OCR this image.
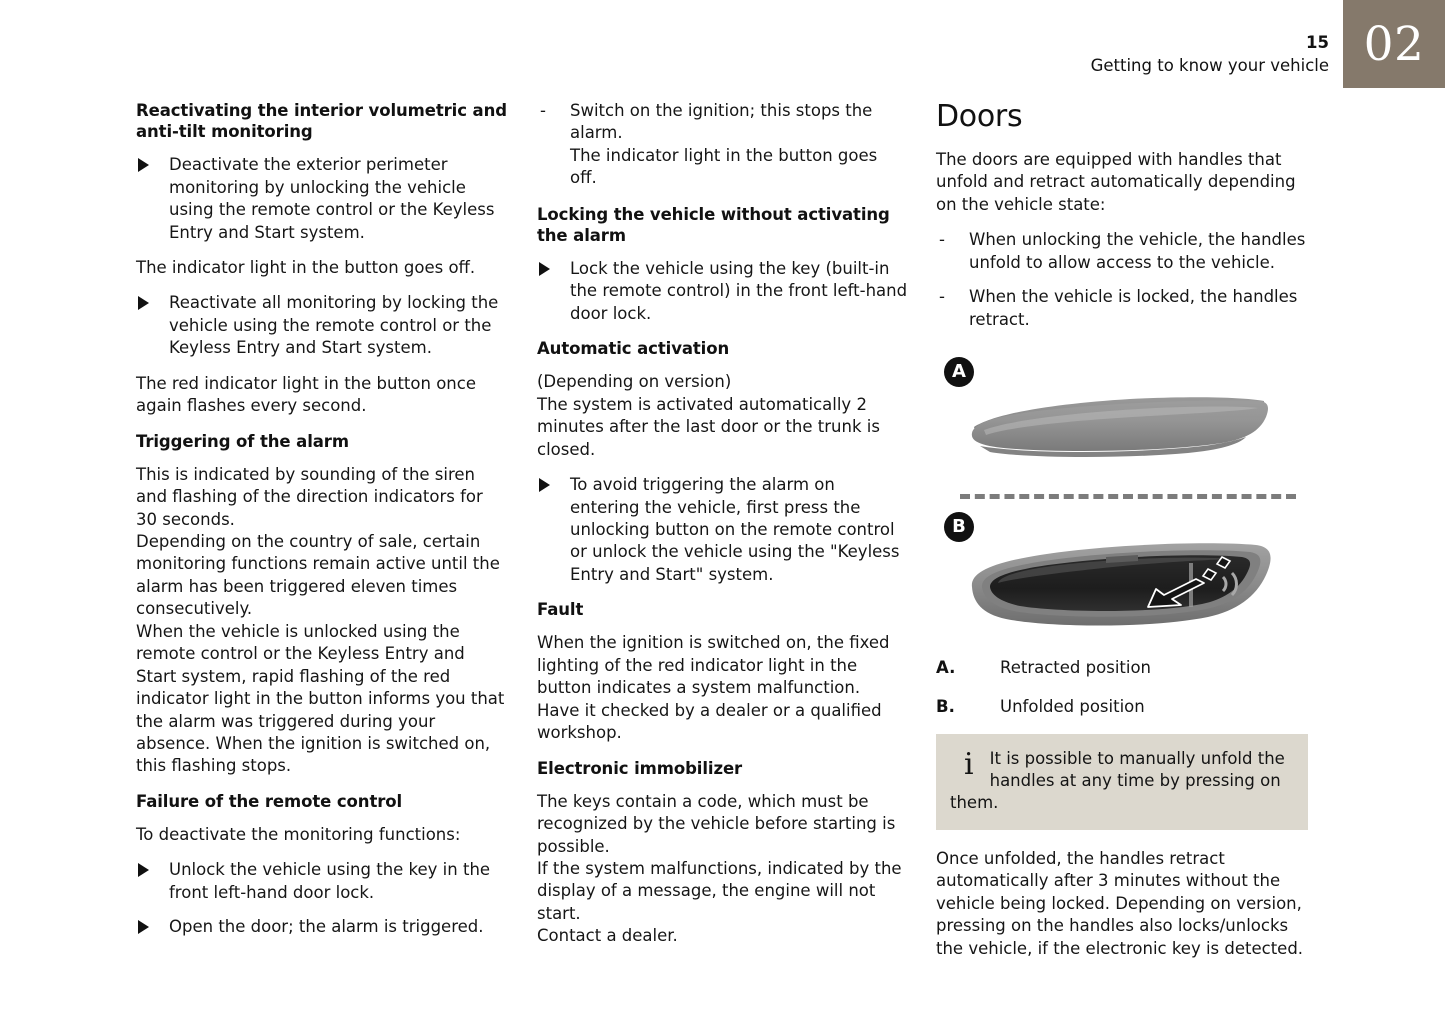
15
Getting to know your vehicle 02
Reactivating the interior volumetric and anti-tilt monitoring
Deactivate the exterior perimeter monitoring by unlocking the vehicle using the remote control or the Keyless Entry and Start system.

The indicator light in the button goes off.

Reactivate all monitoring by locking the vehicle using the remote control or the Keyless Entry and Start system.

The red indicator light in the button once again flashes every second.

Triggering of the alarm

This is indicated by sounding of the siren and flashing of the direction indicators for 30 seconds.

Depending on the country of sale, certain monitoring functions remain active until the alarm has been triggered eleven times consecutively.

When the vehicle is unlocked using the remote control or the Keyless Entry and Start system, rapid flashing of the red indicator light in the button informs you that the alarm was triggered during your absence. When the ignition is switched on, this flashing stops.

Failure of the remote control

To deactivate the monitoring functions:

Unlock the vehicle using the key in the front left-hand door lock.
Open the door; the alarm is triggered.
- Switch on the ignition; this stops the alarm.
The indicator light in the button goes off.
Locking the vehicle without activating the alarm
Lock the vehicle using the key (built-in the remote control) in the front left-hand door lock.
Automatic activation

(Depending on version)

The system is activated automatically 2 minutes after the last door or the trunk is closed.

To avoid triggering the alarm on entering the vehicle, first press the unlocking button on the remote control or unlock the vehicle using the "Keyless Entry and Start" system.
Fault

When the ignition is switched on, the fixed lighting of the red indicator light in the button indicates a system malfunction.

Have it checked by a dealer or a qualified workshop.

Electronic immobilizer

The keys contain a code, which must be recognized by the vehicle before starting is possible.

If the system malfunctions, indicated by the display of a message, the engine will not start.

Contact a dealer.

Doors

The doors are equipped with handles that unfold and retract automatically depending on the vehicle state:

- When unlocking the vehicle, the handles unfold to allow access to the vehicle.
- When the vehicle is locked, the handles retract.
A
B
A.	Retracted position
B.	Unfolded position
i It is possible to manually unfold the handles at any time by pressing on them.

Once unfolded, the handles retract automatically after 3 minutes without the vehicle being locked. Depending on version, pressing on the handles also locks/unlocks the vehicle, if the electronic key is detected.
